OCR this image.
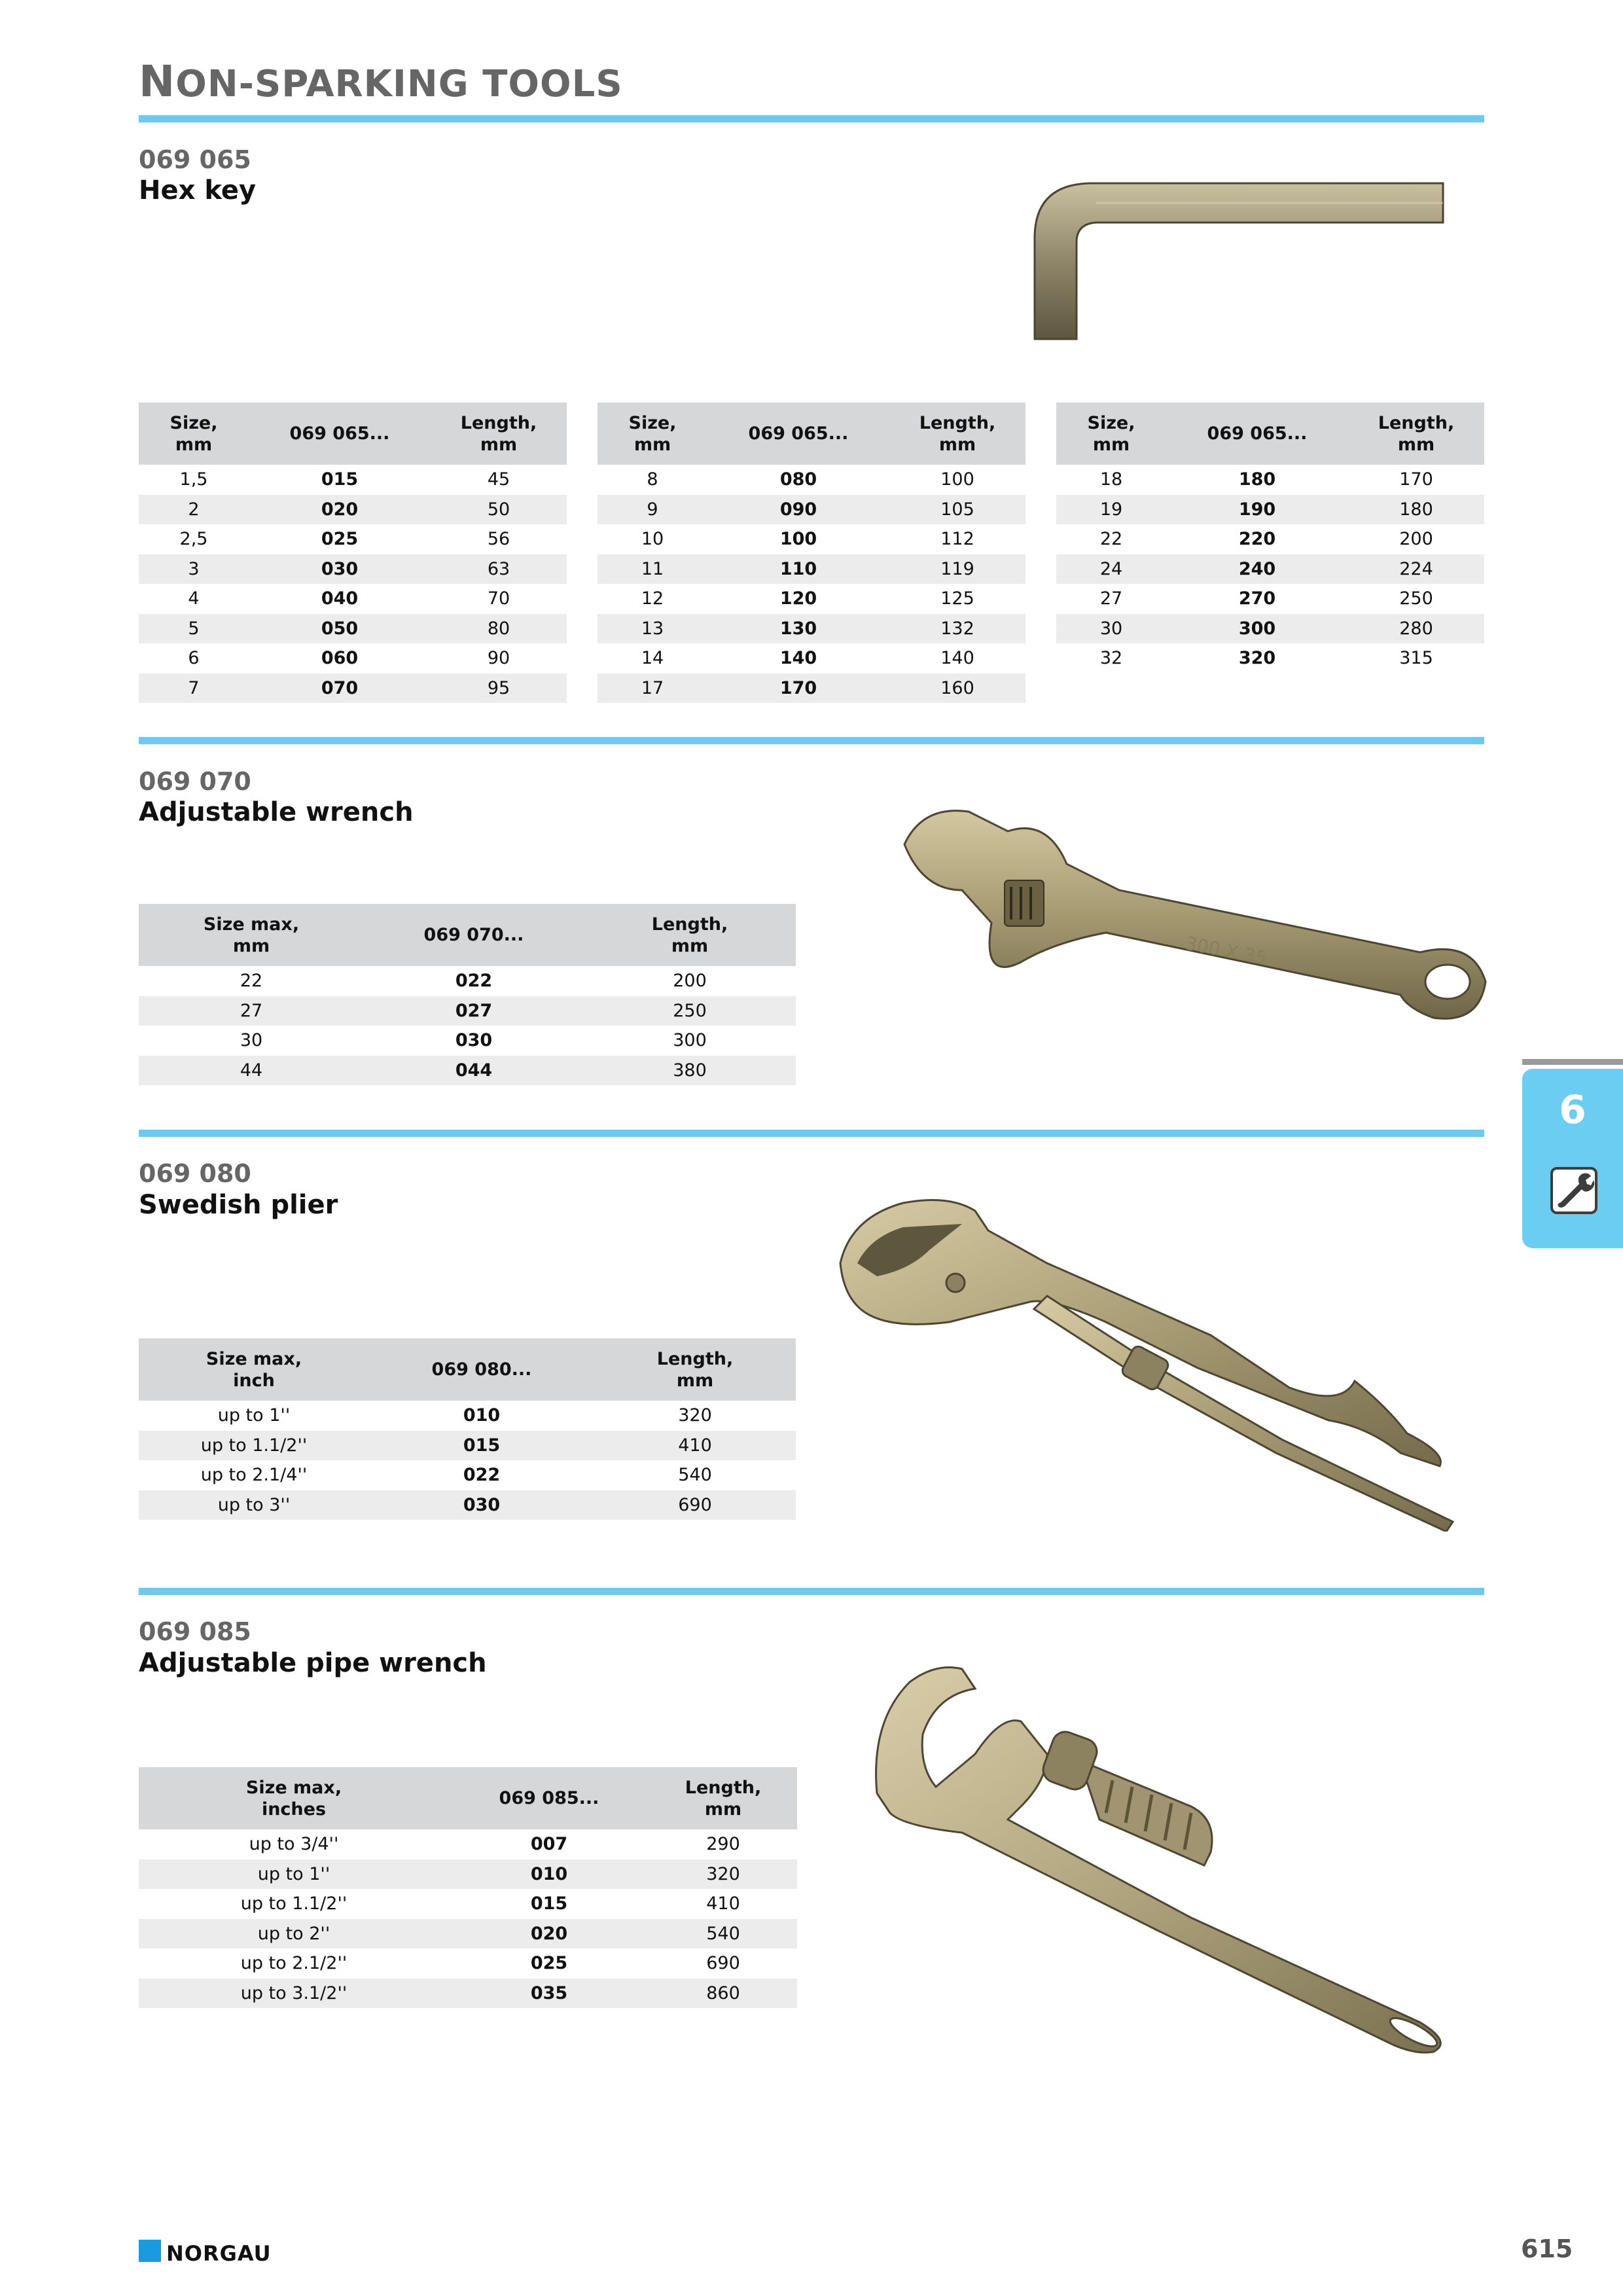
NON-SPARKING TOOLS
069 065
Hex key
Size,
mm	069 065...	Length,
mm
1,5	015	45
2	020	50
2,5	025	56
3	030	63
4	040	70
5	050	80
6	060	90
7	070	95
Size,
mm	069 065...	Length,
mm
8	080	100
9	090	105
10	100	112
11	110	119
12	120	125
13	130	132
14	140	140
17	170	160
Size,
mm	069 065...	Length,
mm
18	180	170
19	190	180
22	220	200
24	240	224
27	270	250
30	300	280
32	320	315
069 070
Adjustable wrench
300 X 35
Size max,
mm	069 070...	Length,
mm
22	022	200
27	027	250
30	030	300
44	044	380
069 080
Swedish plier
Size max,
inch	069 080...	Length,
mm
up to 1''	010	320
up to 1.1/2''	015	410
up to 2.1/4''	022	540
up to 3''	030	690
069 085
Adjustable pipe wrench
Size max,
inches	069 085...	Length,
mm
up to 3/4''	007	290
up to 1''	010	320
up to 1.1/2''	015	410
up to 2''	020	540
up to 2.1/2''	025	690
up to 3.1/2''	035	860
6
NORGAU	615
